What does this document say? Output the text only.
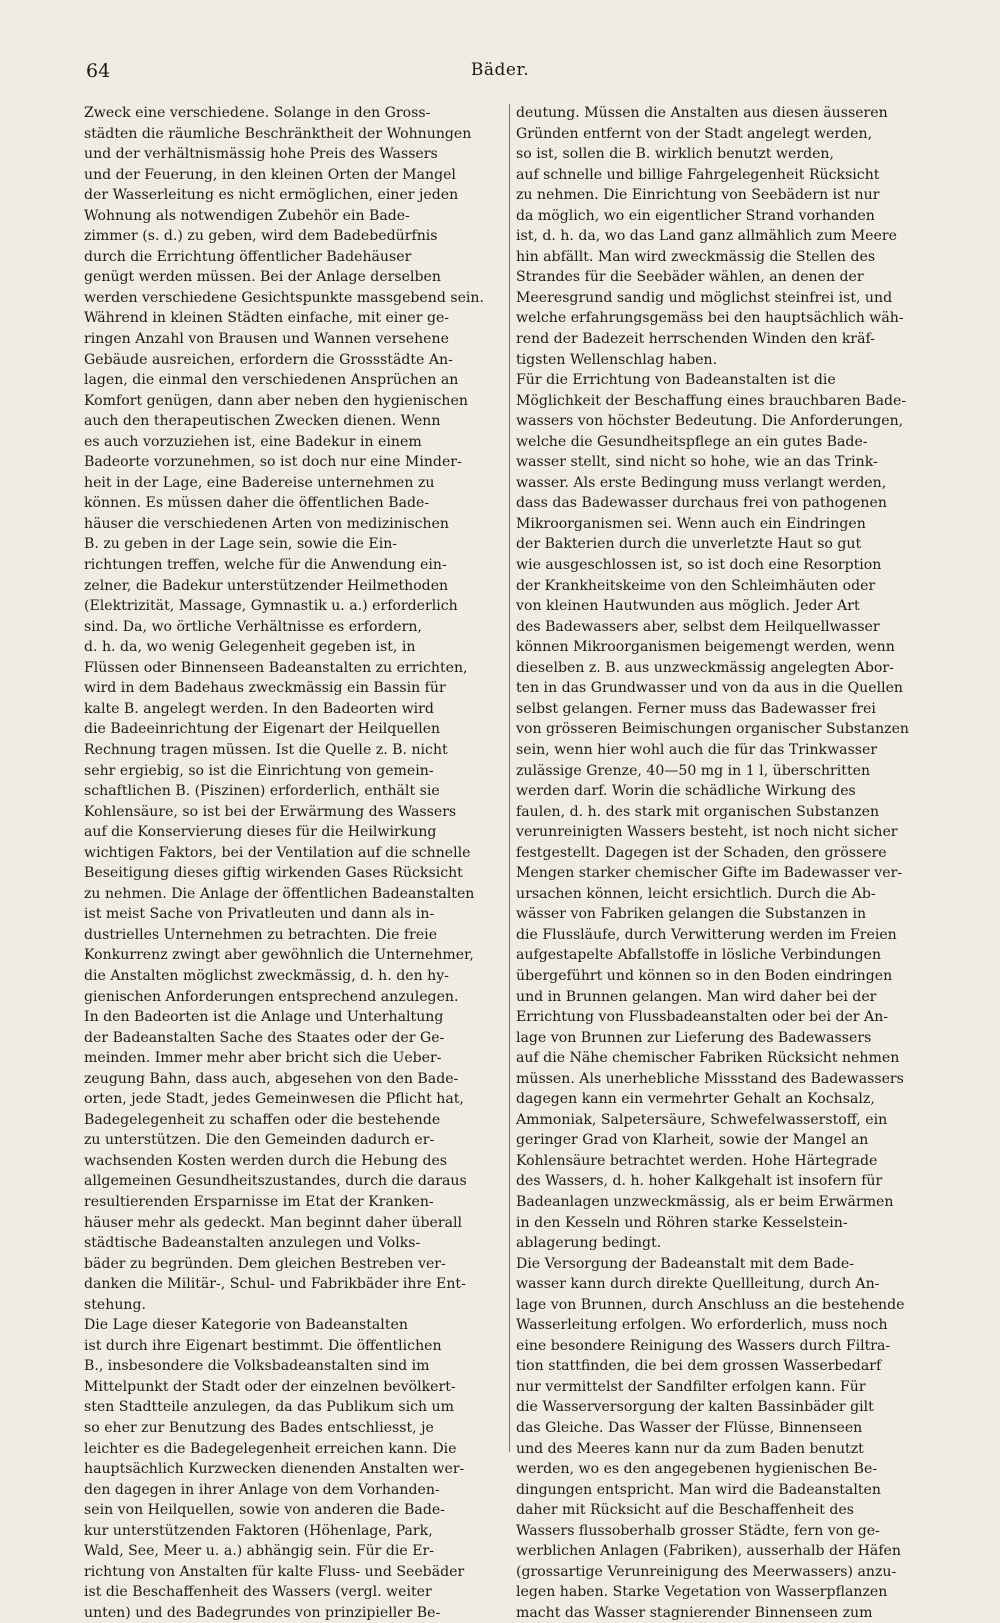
64	Bäder.
Zweck eine verschiedene. Solange in den Gross-
städten die räumliche Beschränktheit der Wohnungen
und der verhältnismässig hohe Preis des Wassers
und der Feuerung, in den kleinen Orten der Mangel
der Wasserleitung es nicht ermöglichen, einer jeden
Wohnung als notwendigen Zubehör ein Bade-
zimmer (s. d.) zu geben, wird dem Badebedürfnis
durch die Errichtung öffentlicher Badehäuser
genügt werden müssen. Bei der Anlage derselben
werden verschiedene Gesichtspunkte massgebend sein.
Während in kleinen Städten einfache, mit einer ge-
ringen Anzahl von Brausen und Wannen versehene
Gebäude ausreichen, erfordern die Grossstädte An-
lagen, die einmal den verschiedenen Ansprüchen an
Komfort genügen, dann aber neben den hygienischen
auch den therapeutischen Zwecken dienen. Wenn
es auch vorzuziehen ist, eine Badekur in einem
Badeorte vorzunehmen, so ist doch nur eine Minder-
heit in der Lage, eine Badereise unternehmen zu
können. Es müssen daher die öffentlichen Bade-
häuser die verschiedenen Arten von medizinischen
B. zu geben in der Lage sein, sowie die Ein-
richtungen treffen, welche für die Anwendung ein-
zelner, die Badekur unterstützender Heilmethoden
(Elektrizität, Massage, Gymnastik u. a.) erforderlich
sind. Da, wo örtliche Verhältnisse es erfordern,
d. h. da, wo wenig Gelegenheit gegeben ist, in
Flüssen oder Binnenseen Badeanstalten zu errichten,
wird in dem Badehaus zweckmässig ein Bassin für
kalte B. angelegt werden. In den Badeorten wird
die Badeeinrichtung der Eigenart der Heilquellen
Rechnung tragen müssen. Ist die Quelle z. B. nicht
sehr ergiebig, so ist die Einrichtung von gemein-
schaftlichen B. (Piszinen) erforderlich, enthält sie
Kohlensäure, so ist bei der Erwärmung des Wassers
auf die Konservierung dieses für die Heilwirkung
wichtigen Faktors, bei der Ventilation auf die schnelle
Beseitigung dieses giftig wirkenden Gases Rücksicht
zu nehmen. Die Anlage der öffentlichen Badeanstalten
ist meist Sache von Privatleuten und dann als in-
dustrielles Unternehmen zu betrachten. Die freie
Konkurrenz zwingt aber gewöhnlich die Unternehmer,
die Anstalten möglichst zweckmässig, d. h. den hy-
gienischen Anforderungen entsprechend anzulegen.
In den Badeorten ist die Anlage und Unterhaltung
der Badeanstalten Sache des Staates oder der Ge-
meinden. Immer mehr aber bricht sich die Ueber-
zeugung Bahn, dass auch, abgesehen von den Bade-
orten, jede Stadt, jedes Gemeinwesen die Pflicht hat,
Badegelegenheit zu schaffen oder die bestehende
zu unterstützen. Die den Gemeinden dadurch er-
wachsenden Kosten werden durch die Hebung des
allgemeinen Gesundheitszustandes, durch die daraus
resultierenden Ersparnisse im Etat der Kranken-
häuser mehr als gedeckt. Man beginnt daher überall
städtische Badeanstalten anzulegen und Volks-
bäder zu begründen. Dem gleichen Bestreben ver-
danken die Militär-, Schul- und Fabrikbäder ihre Ent-
stehung.
Die Lage dieser Kategorie von Badeanstalten
ist durch ihre Eigenart bestimmt. Die öffentlichen
B., insbesondere die Volksbadeanstalten sind im
Mittelpunkt der Stadt oder der einzelnen bevölkert-
sten Stadtteile anzulegen, da das Publikum sich um
so eher zur Benutzung des Bades entschliesst, je
leichter es die Badegelegenheit erreichen kann. Die
hauptsächlich Kurzwecken dienenden Anstalten wer-
den dagegen in ihrer Anlage von dem Vorhanden-
sein von Heilquellen, sowie von anderen die Bade-
kur unterstützenden Faktoren (Höhenlage, Park,
Wald, See, Meer u. a.) abhängig sein. Für die Er-
richtung von Anstalten für kalte Fluss- und Seebäder
ist die Beschaffenheit des Wassers (vergl. weiter
unten) und des Badegrundes von prinzipieller Be-
deutung. Müssen die Anstalten aus diesen äusseren
Gründen entfernt von der Stadt angelegt werden,
so ist, sollen die B. wirklich benutzt werden,
auf schnelle und billige Fahrgelegenheit Rücksicht
zu nehmen. Die Einrichtung von Seebädern ist nur
da möglich, wo ein eigentlicher Strand vorhanden
ist, d. h. da, wo das Land ganz allmählich zum Meere
hin abfällt. Man wird zweckmässig die Stellen des
Strandes für die Seebäder wählen, an denen der
Meeresgrund sandig und möglichst steinfrei ist, und
welche erfahrungsgemäss bei den hauptsächlich wäh-
rend der Badezeit herrschenden Winden den kräf-
tigsten Wellenschlag haben.
Für die Errichtung von Badeanstalten ist die
Möglichkeit der Beschaffung eines brauchbaren Bade-
wassers von höchster Bedeutung. Die Anforderungen,
welche die Gesundheitspflege an ein gutes Bade-
wasser stellt, sind nicht so hohe, wie an das Trink-
wasser. Als erste Bedingung muss verlangt werden,
dass das Badewasser durchaus frei von pathogenen
Mikroorganismen sei. Wenn auch ein Eindringen
der Bakterien durch die unverletzte Haut so gut
wie ausgeschlossen ist, so ist doch eine Resorption
der Krankheitskeime von den Schleimhäuten oder
von kleinen Hautwunden aus möglich. Jeder Art
des Badewassers aber, selbst dem Heilquellwasser
können Mikroorganismen beigemengt werden, wenn
dieselben z. B. aus unzweckmässig angelegten Abor-
ten in das Grundwasser und von da aus in die Quellen
selbst gelangen. Ferner muss das Badewasser frei
von grösseren Beimischungen organischer Substanzen
sein, wenn hier wohl auch die für das Trinkwasser
zulässige Grenze, 40—50 mg in 1 l, überschritten
werden darf. Worin die schädliche Wirkung des
faulen, d. h. des stark mit organischen Substanzen
verunreinigten Wassers besteht, ist noch nicht sicher
festgestellt. Dagegen ist der Schaden, den grössere
Mengen starker chemischer Gifte im Badewasser ver-
ursachen können, leicht ersichtlich. Durch die Ab-
wässer von Fabriken gelangen die Substanzen in
die Flussläufe, durch Verwitterung werden im Freien
aufgestapelte Abfallstoffe in lösliche Verbindungen
übergeführt und können so in den Boden eindringen
und in Brunnen gelangen. Man wird daher bei der
Errichtung von Flussbadeanstalten oder bei der An-
lage von Brunnen zur Lieferung des Badewassers
auf die Nähe chemischer Fabriken Rücksicht nehmen
müssen. Als unerhebliche Missstand des Badewassers
dagegen kann ein vermehrter Gehalt an Kochsalz,
Ammoniak, Salpetersäure, Schwefelwasserstoff, ein
geringer Grad von Klarheit, sowie der Mangel an
Kohlensäure betrachtet werden. Hohe Härtegrade
des Wassers, d. h. hoher Kalkgehalt ist insofern für
Badeanlagen unzweckmässig, als er beim Erwärmen
in den Kesseln und Röhren starke Kesselstein-
ablagerung bedingt.
Die Versorgung der Badeanstalt mit dem Bade-
wasser kann durch direkte Quellleitung, durch An-
lage von Brunnen, durch Anschluss an die bestehende
Wasserleitung erfolgen. Wo erforderlich, muss noch
eine besondere Reinigung des Wassers durch Filtra-
tion stattfinden, die bei dem grossen Wasserbedarf
nur vermittelst der Sandfilter erfolgen kann. Für
die Wasserversorgung der kalten Bassinbäder gilt
das Gleiche. Das Wasser der Flüsse, Binnenseen
und des Meeres kann nur da zum Baden benutzt
werden, wo es den angegebenen hygienischen Be-
dingungen entspricht. Man wird die Badeanstalten
daher mit Rücksicht auf die Beschaffenheit des
Wassers flussoberhalb grosser Städte, fern von ge-
werblichen Anlagen (Fabriken), ausserhalb der Häfen
(grossartige Verunreinigung des Meerwassers) anzu-
legen haben. Starke Vegetation von Wasserpflanzen
macht das Wasser stagnierender Binnenseen zum
